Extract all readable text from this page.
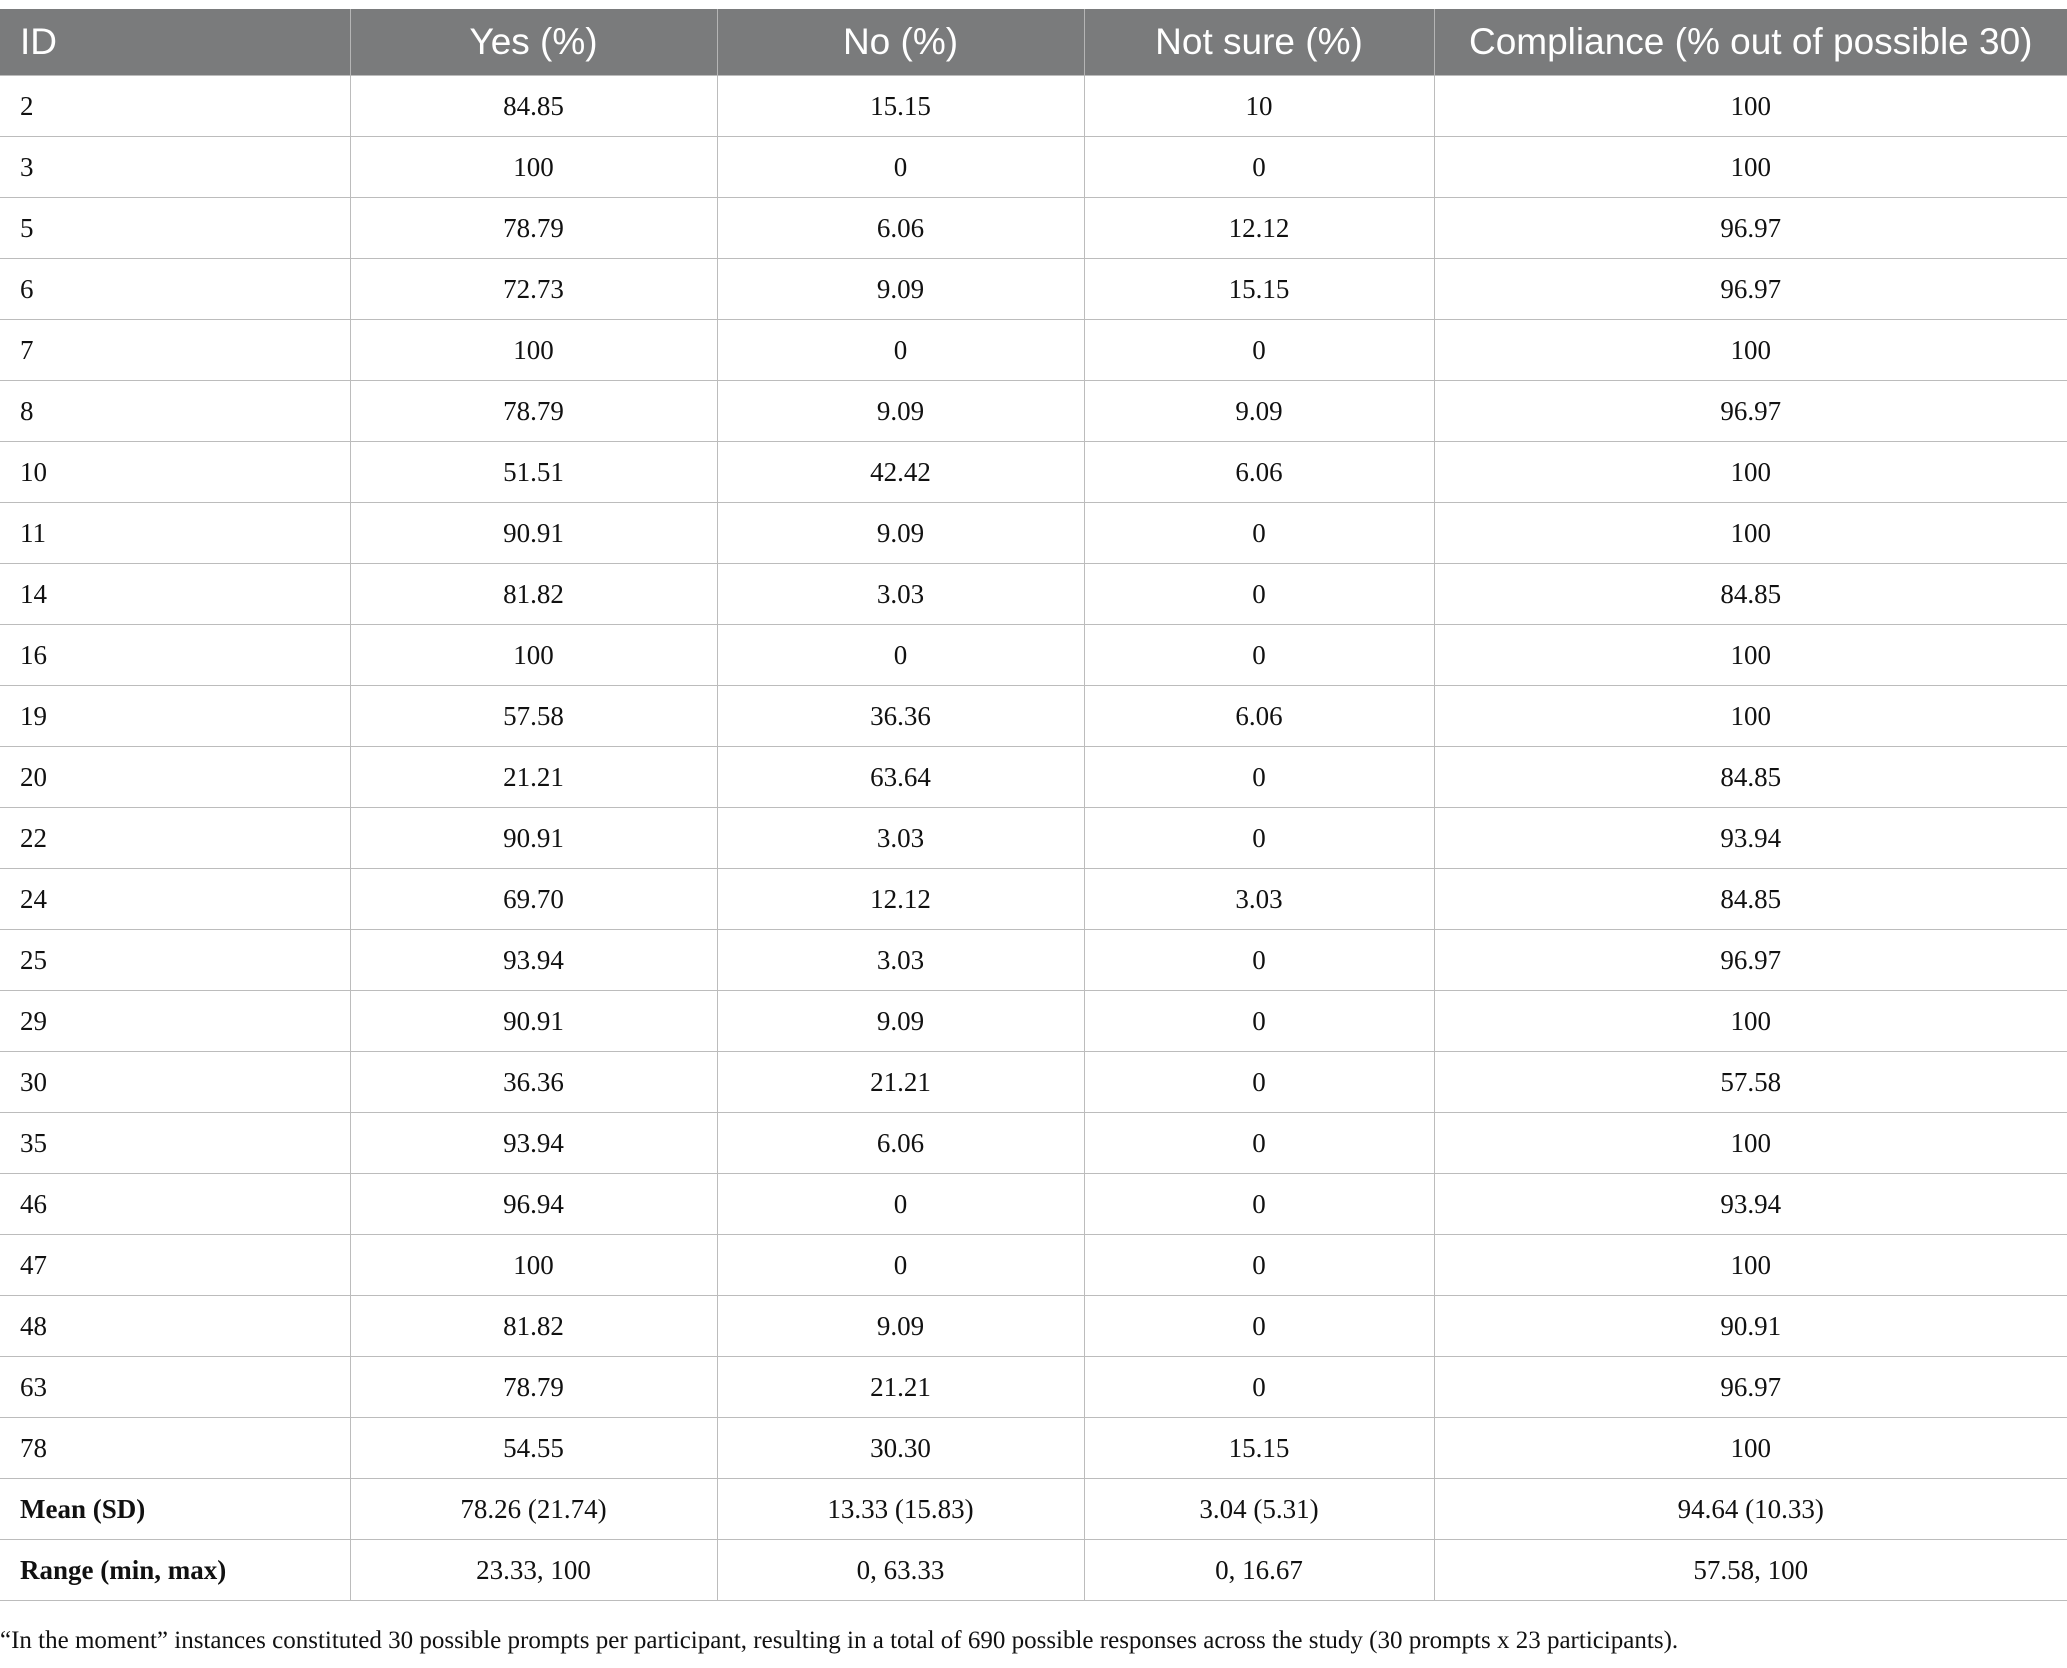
ID	Yes (%)	No (%)	Not sure (%)	Compliance (% out of possible 30)
2	84.85	15.15	10	100
3	100	0	0	100
5	78.79	6.06	12.12	96.97
6	72.73	9.09	15.15	96.97
7	100	0	0	100
8	78.79	9.09	9.09	96.97
10	51.51	42.42	6.06	100
11	90.91	9.09	0	100
14	81.82	3.03	0	84.85
16	100	0	0	100
19	57.58	36.36	6.06	100
20	21.21	63.64	0	84.85
22	90.91	3.03	0	93.94
24	69.70	12.12	3.03	84.85
25	93.94	3.03	0	96.97
29	90.91	9.09	0	100
30	36.36	21.21	0	57.58
35	93.94	6.06	0	100
46	96.94	0	0	93.94
47	100	0	0	100
48	81.82	9.09	0	90.91
63	78.79	21.21	0	96.97
78	54.55	30.30	15.15	100
Mean (SD)	78.26 (21.74)	13.33 (15.83)	3.04 (5.31)	94.64 (10.33)
Range (min, max)	23.33, 100	0, 63.33	0, 16.67	57.58, 100

“In the moment” instances constituted 30 possible prompts per participant, resulting in a total of 690 possible responses across the study (30 prompts x 23 participants).
